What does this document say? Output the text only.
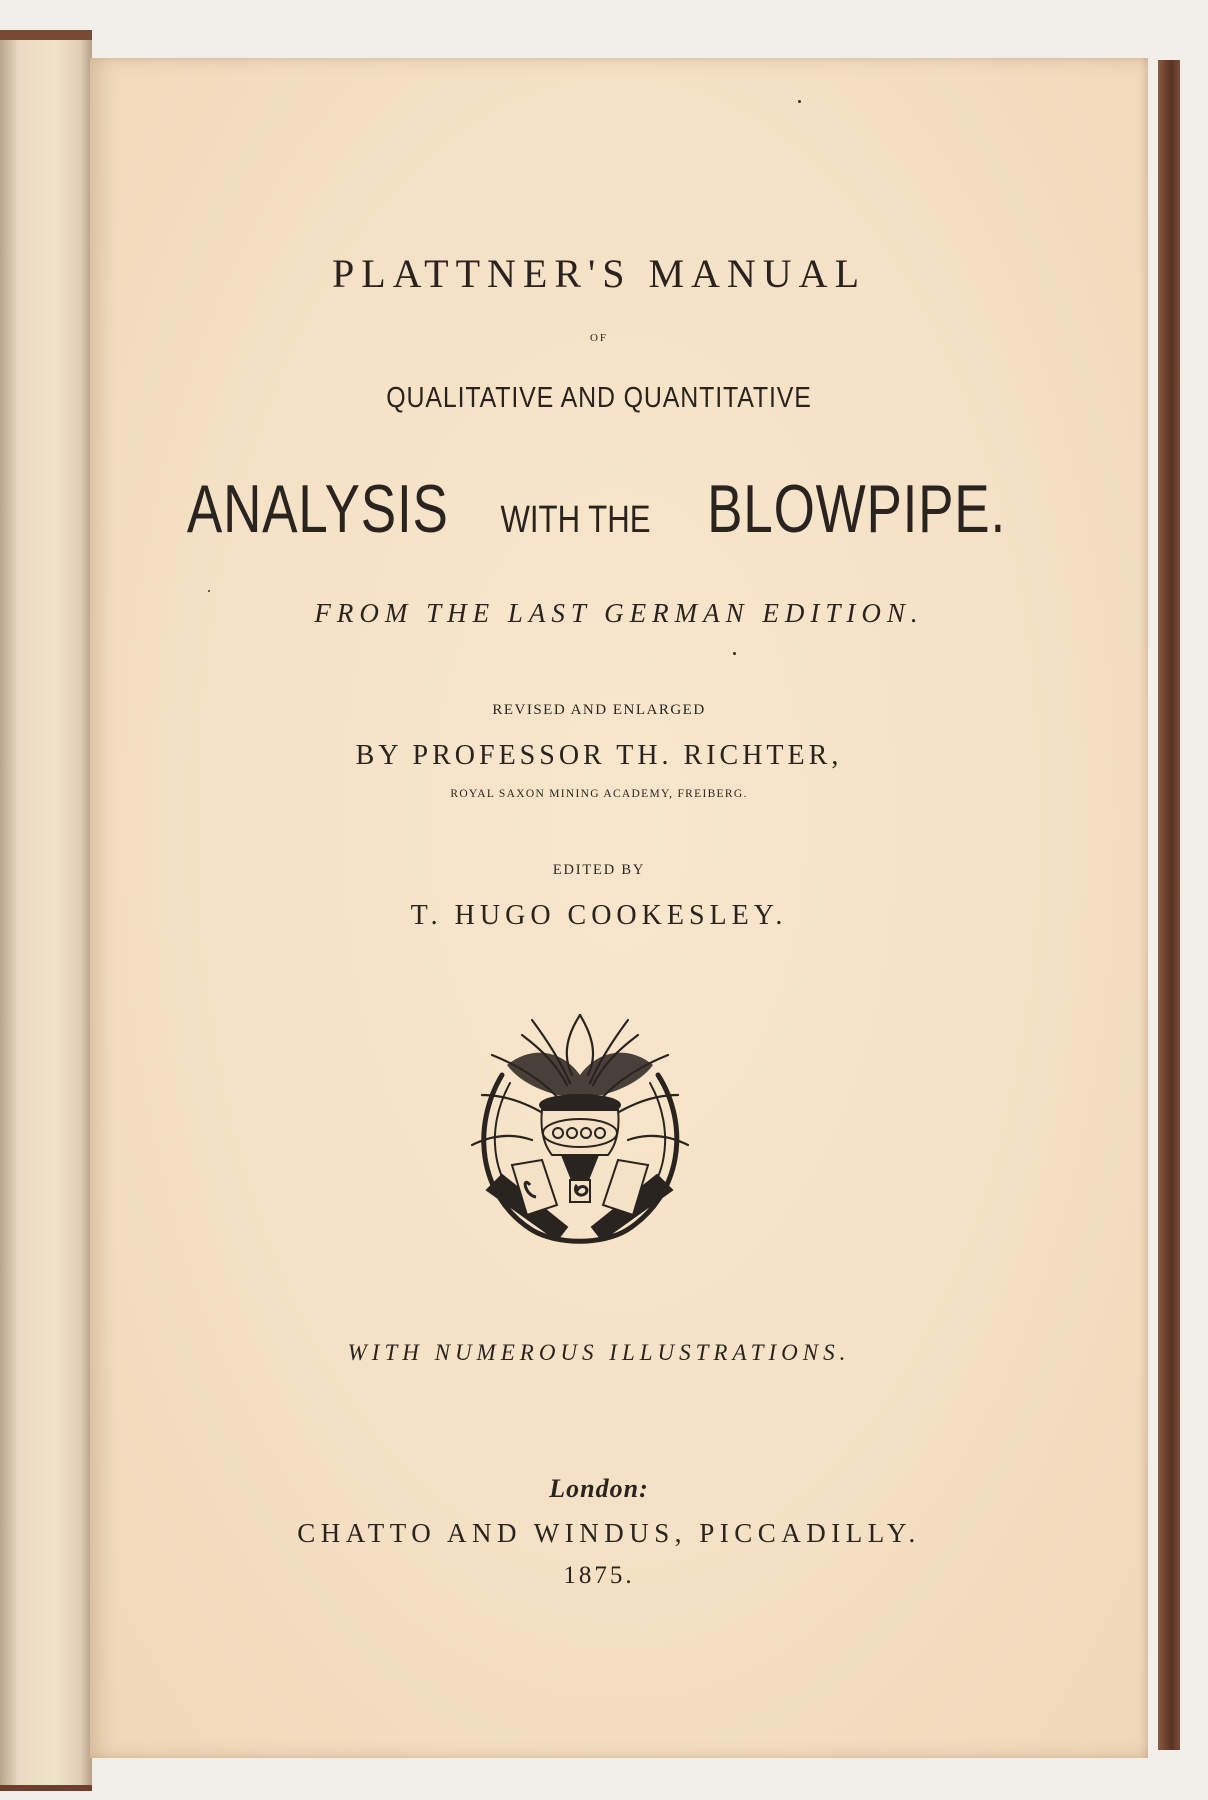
PLATTNER'S MANUAL
OF
QUALITATIVE AND QUANTITATIVE
ANALYSIS WITH THE BLOWPIPE.
FROM THE LAST GERMAN EDITION.
REVISED AND ENLARGED
BY PROFESSOR TH. RICHTER,
ROYAL SAXON MINING ACADEMY, FREIBERG.
EDITED BY
T. HUGO COOKESLEY.
WITH NUMEROUS ILLUSTRATIONS.
London:
CHATTO AND WINDUS, PICCADILLY.
1875.
